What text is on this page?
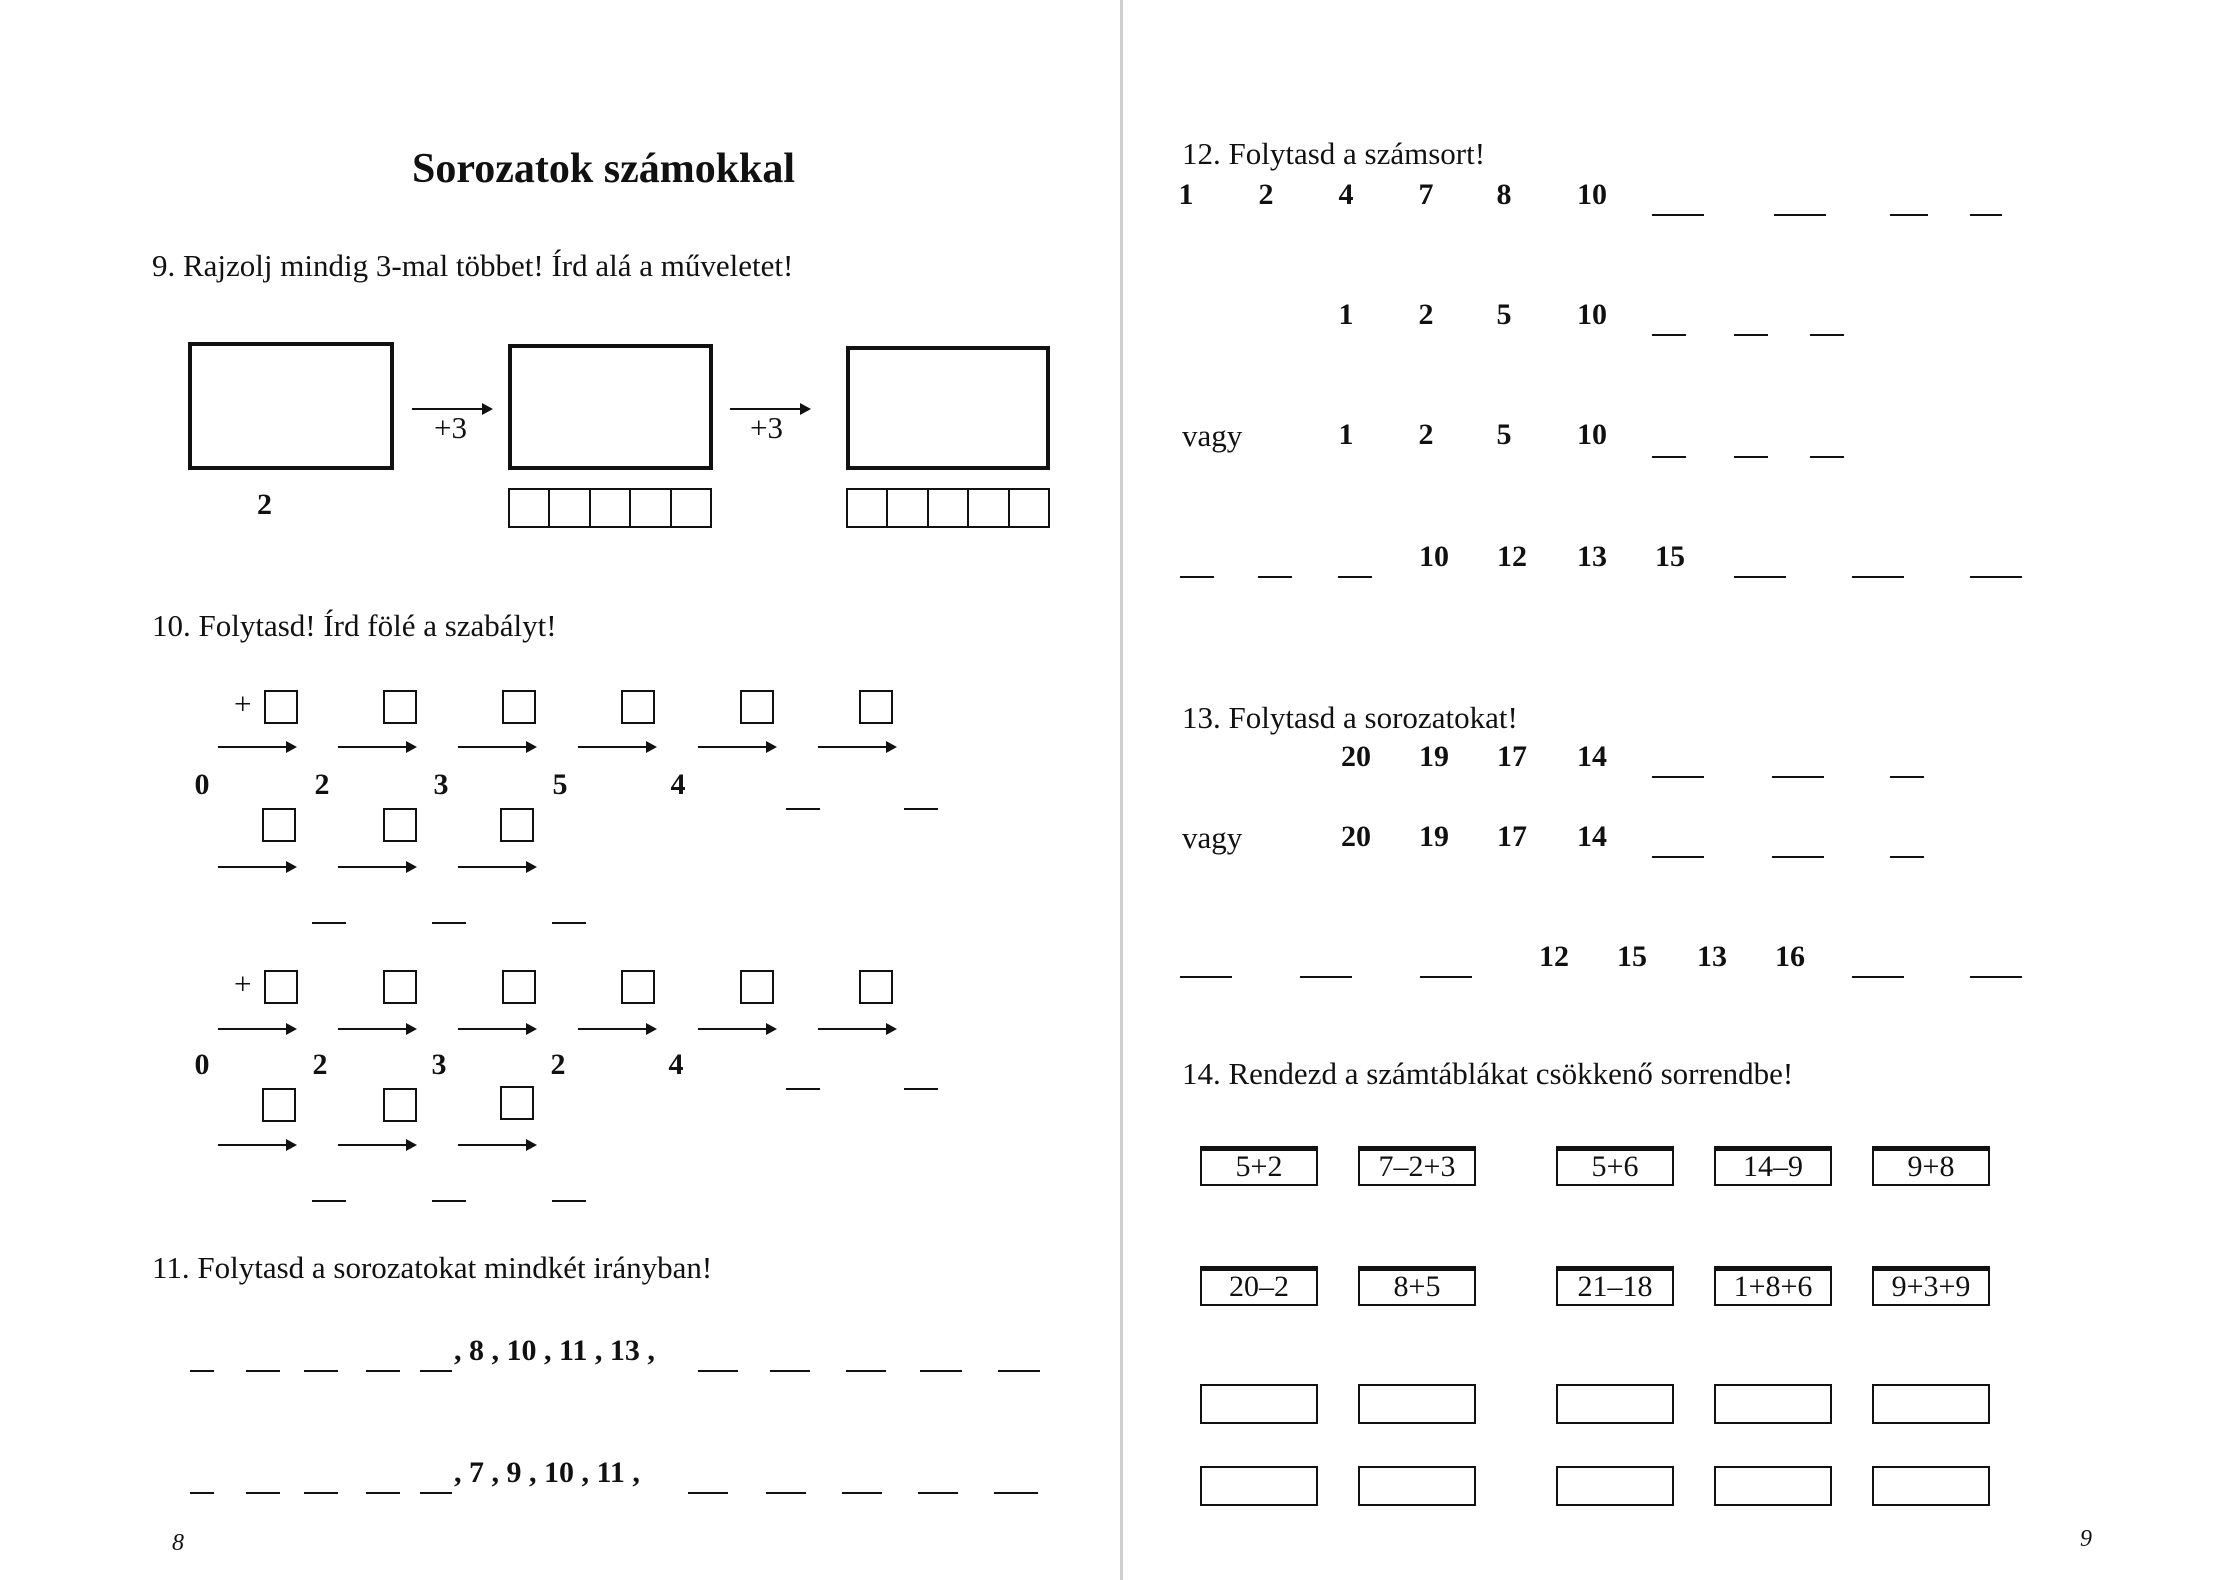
Sorozatok számokkal
9. Rajzolj mindig 3-mal többet! Írd alá a műveletet!
2
+3	+3
10. Folytasd! Írd fölé a szabályt!
+
0	2	3	5	4
+
0	2	3	2	4
11. Folytasd a sorozatokat mindkét irányban!
, 8 , 10 , 11 , 13 ,
, 7 , 9 , 10 , 11 ,
8
12. Folytasd a számsort!
1	2	4	7	8	10
1	2	5	10
vagy	1	2	5	10
10 12 13 15
13. Folytasd a sorozatokat!
20 19 17 14
vagy	20 19 17 14
12 15 13 16
14. Rendezd a számtáblákat csökkenő sorrendbe!
5+2	7–2+3	5+6	14–9	9+8
20–2	8+5	21–18	1+8+6	9+3+9
9
